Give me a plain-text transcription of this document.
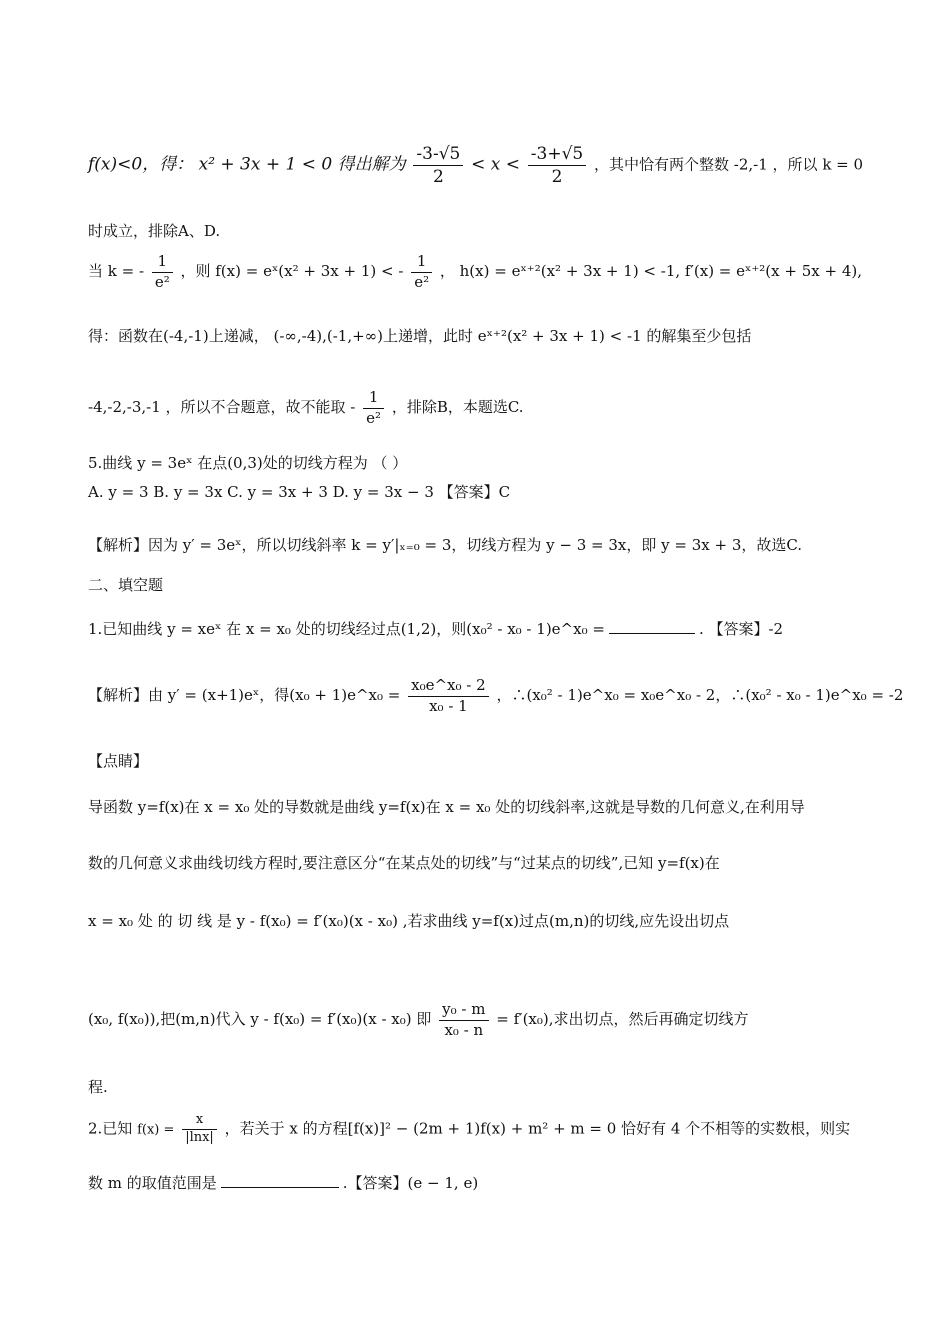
f(x)<0，得： x² + 3x + 1 < 0 得出解为 $\frac{-3-√5}{2} < x < \frac{-3+√5}{2}$ ，其中恰有两个整数 -2,-1 ，所以 k = 0
时成立，排除A、D.
当 k = - $\frac{1}{\text{e²}}$ ，则 f(x) = eˣ(x² + 3x + 1) < - $\frac{1}{\text{e²}}$ ， h(x) = eˣ⁺²(x² + 3x + 1) < -1, f′(x) = eˣ⁺²(x + 5x + 4),
得：函数在(-4,-1)上递减， (-∞,-4),(-1,+∞)上递增，此时 eˣ⁺²(x² + 3x + 1) < -1 的解集至少包括
-4,-2,-3,-1 ，所以不合题意，故不能取 - $\frac{1}{\text{e²}}$ ，排除B，本题选C.
5.曲线 y = 3eˣ 在点(0,3)处的切线方程为 （ ）
A. y = 3 B. y = 3x C. y = 3x + 3 D. y = 3x − 3 【答案】C
【解析】因为 y′ = 3eˣ，所以切线斜率 k = y′|ₓ₌₀ = 3，切线方程为 y − 3 = 3x，即 y = 3x + 3，故选C.
二、填空题
1.已知曲线 y = xeˣ 在 x = x₀ 处的切线经过点(1,2)，则(x₀² - x₀ - 1)e^x₀ =	. 【答案】-2
【解析】由 y′ = (x+1)eˣ，得(x₀ + 1)e^x₀ = $\frac{\text{x₀e\textasciicircum{}x₀ - 2}}{\text{x₀ - 1}}$ ，∴(x₀² - 1)e^x₀ = x₀e^x₀ - 2，∴(x₀² - x₀ - 1)e^x₀ = -2
【点睛】
导函数 y=f(x)在 x = x₀ 处的导数就是曲线 y=f(x)在 x = x₀ 处的切线斜率,这就是导数的几何意义,在利用导
数的几何意义求曲线切线方程时,要注意区分“在某点处的切线”与“过某点的切线”,已知 y=f(x)在
x = x₀ 处 的 切 线 是 y - f(x₀) = f′(x₀)(x - x₀) ,若求曲线 y=f(x)过点(m,n)的切线,应先设出切点
(x₀, f(x₀)),把(m,n)代入 y - f(x₀) = f′(x₀)(x - x₀) 即 $\frac{\text{y₀ - m}}{\text{x₀ - n}} = f'(x_0)$,求出切点，然后再确定切线方
程.
2.已知 $f(x) = \frac{x}{|\ln x|}$ ，若关于 x 的方程[f(x)]² − (2m + 1)f(x) + m² + m = 0 恰好有 4 个不相等的实数根，则实
数 m 的取值范围是	.【答案】(e − 1, e)
